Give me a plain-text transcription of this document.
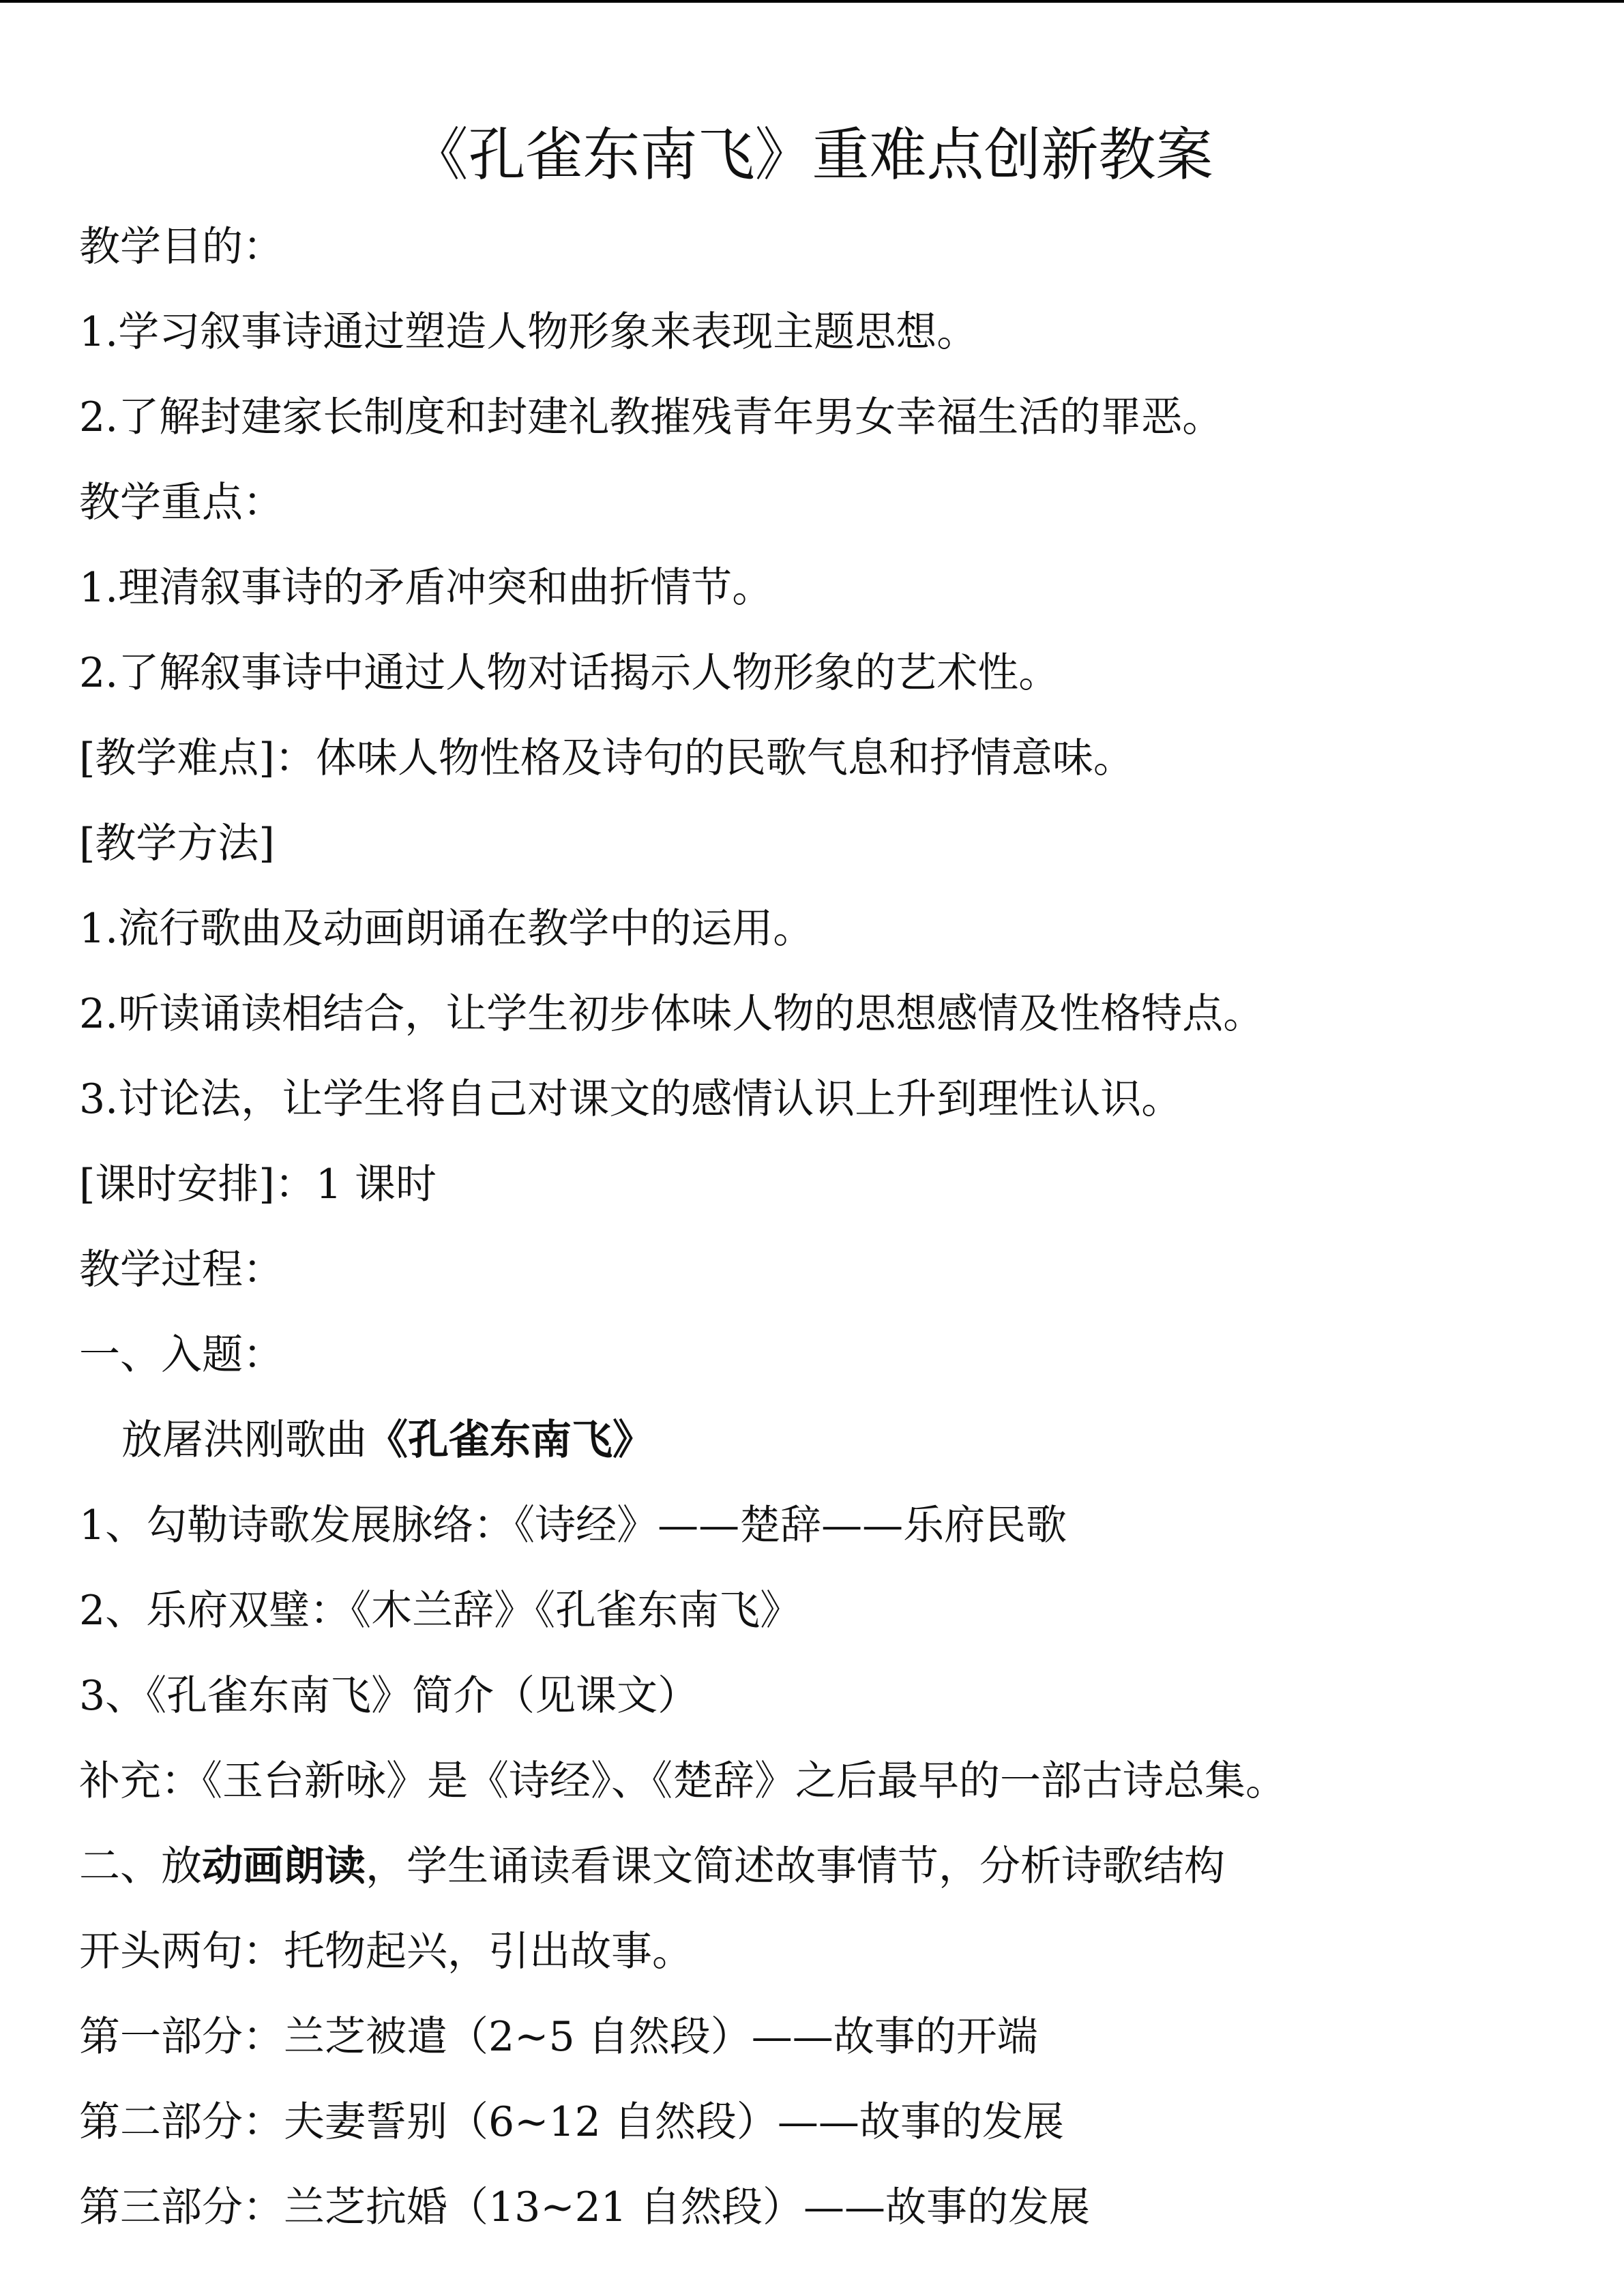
《孔雀东南飞》重难点创新教案
教学目的：
1.学习叙事诗通过塑造人物形象来表现主题思想。
2.了解封建家长制度和封建礼教摧残青年男女幸福生活的罪恶。
教学重点：
1.理清叙事诗的矛盾冲突和曲折情节。
2.了解叙事诗中通过人物对话揭示人物形象的艺术性。
[教学难点]：体味人物性格及诗句的民歌气息和抒情意味。
[教学方法]
1.流行歌曲及动画朗诵在教学中的运用。
2.听读诵读相结合，让学生初步体味人物的思想感情及性格特点。
3.讨论法，让学生将自己对课文的感情认识上升到理性认识。
[课时安排]：1 课时
教学过程：
一、入题：
放屠洪刚歌曲《孔雀东南飞》
1、勾勒诗歌发展脉络：《诗经》——楚辞——乐府民歌
2、乐府双璧：《木兰辞》《孔雀东南飞》
3、《孔雀东南飞》简介（见课文）
补充：《玉台新咏》是《诗经》、《楚辞》之后最早的一部古诗总集。
二、放动画朗读，学生诵读看课文简述故事情节，分析诗歌结构
开头两句：托物起兴，引出故事。
第一部分：兰芝被遣（2~5 自然段）——故事的开端
第二部分：夫妻誓别（6~12 自然段）——故事的发展
第三部分：兰芝抗婚（13~21 自然段）——故事的发展
